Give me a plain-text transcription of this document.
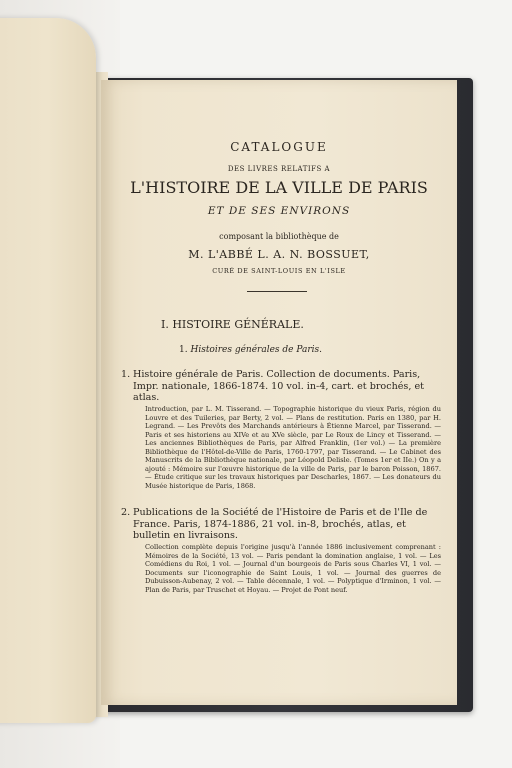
CATALOGUE
DES LIVRES RELATIFS A
L'HISTOIRE DE LA VILLE DE PARIS
ET DE SES ENVIRONS
composant la bibliothèque de
M. L'ABBÉ L. A. N. BOSSUET,
CURÉ DE SAINT-LOUIS EN L'ISLE
I. HISTOIRE GÉNÉRALE.
1. Histoires générales de Paris.
1. Histoire générale de Paris. Collection de documents. Paris, Impr. nationale, 1866-1874. 10 vol. in-4, cart. et brochés, et atlas.
Introduction, par L. M. Tisserand. — Topographie historique du vieux Paris, région du Louvre et des Tuileries, par Berty, 2 vol. — Plans de restitution. Paris en 1380, par H. Legrand. — Les Prevôts des Marchands antérieurs à Étienne Marcel, par Tisserand. — Paris et ses historiens au XIVe et au XVe siècle, par Le Roux de Lincy et Tisserand. — Les anciennes Bibliothèques de Paris, par Alfred Franklin, (1er vol.) — La première Bibliothèque de l'Hôtel-de-Ville de Paris, 1760-1797, par Tisserand. — Le Cabinet des Manuscrits de la Bibliothèque nationale, par Léopold Delisle. (Tomes 1er et IIe.) On y a ajouté : Mémoire sur l'œuvre historique de la ville de Paris, par le baron Poisson, 1867. — Étude critique sur les travaux historiques par Descharles, 1867. — Les donateurs du Musée historique de Paris, 1868.
2. Publications de la Société de l'Histoire de Paris et de l'Ile de France. Paris, 1874-1886, 21 vol. in-8, brochés, atlas, et bulletin en livraisons.
Collection complète depuis l'origine jusqu'à l'année 1886 inclusivement comprenant : Mémoires de la Société, 13 vol. — Paris pendant la domination anglaise, 1 vol. — Les Comédiens du Roi, 1 vol. — Journal d'un bourgeois de Paris sous Charles VI, 1 vol. — Documents sur l'iconographie de Saint Louis, 1 vol. — Journal des guerres de Dubuisson-Aubenay, 2 vol. — Table décennale, 1 vol. — Polyptique d'Irminon, 1 vol. — Plan de Paris, par Truschet et Hoyau. — Projet de Pont neuf.
